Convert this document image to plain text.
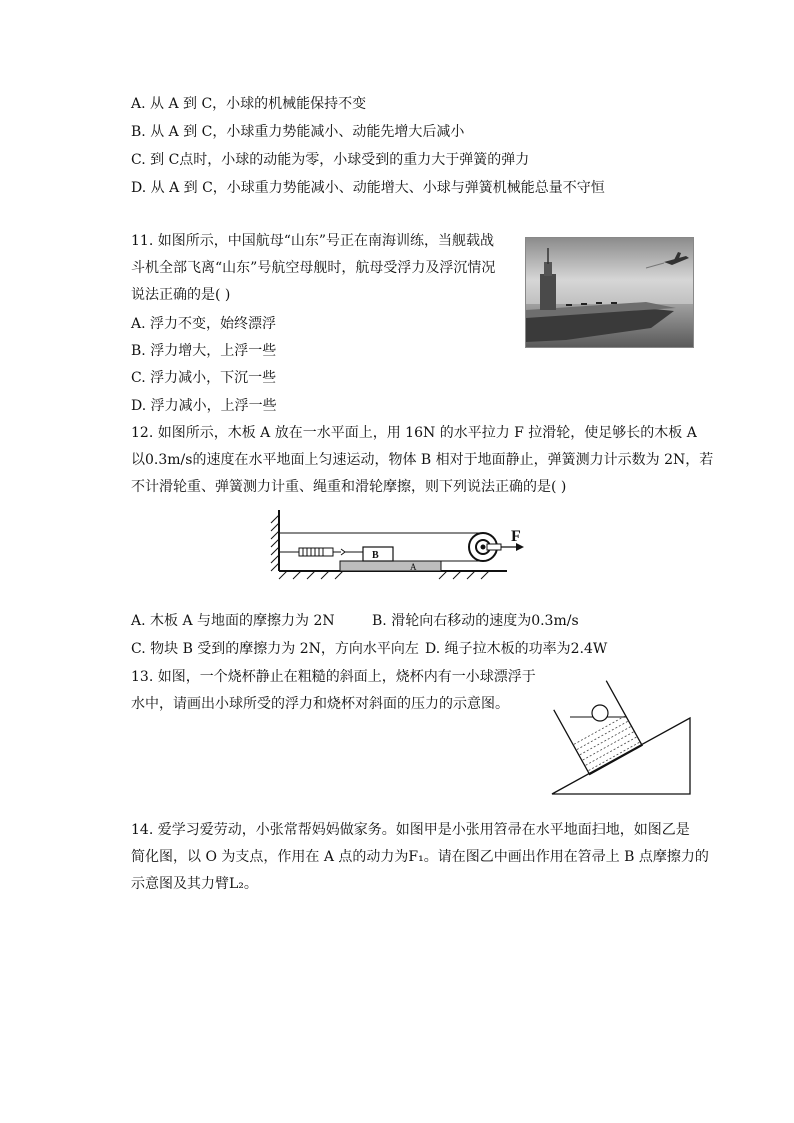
A. 从 A 到 C，小球的机械能保持不变
B. 从 A 到 C，小球重力势能减小、动能先增大后减小
C. 到 C点时，小球的动能为零，小球受到的重力大于弹簧的弹力
D. 从 A 到 C，小球重力势能减小、动能增大、小球与弹簧机械能总量不守恒
11. 如图所示，中国航母“山东”号正在南海训练，当舰载战
斗机全部飞离“山东”号航空母舰时，航母受浮力及浮沉情况
说法正确的是( )
A. 浮力不变，始终漂浮
B. 浮力增大，上浮一些
C. 浮力减小，下沉一些
D. 浮力减小，上浮一些
12. 如图所示，木板 A 放在一水平面上，用 16N 的水平拉力 F 拉滑轮，使足够长的木板 A
以0.3m/s的速度在水平地面上匀速运动，物体 B 相对于地面静止，弹簧测力计示数为 2N，若
不计滑轮重、弹簧测力计重、绳重和滑轮摩擦，则下列说法正确的是( )
A
B
F
A. 木板 A 与地面的摩擦力为 2N	B. 滑轮向右移动的速度为0.3m/s
C. 物块 B 受到的摩擦力为 2N，方向水平向左 D. 绳子拉木板的功率为2.4W
13. 如图，一个烧杯静止在粗糙的斜面上，烧杯内有一小球漂浮于
水中，请画出小球所受的浮力和烧杯对斜面的压力的示意图。
14. 爱学习爱劳动，小张常帮妈妈做家务。如图甲是小张用笤帚在水平地面扫地，如图乙是
简化图，以 O 为支点，作用在 A 点的动力为F₁。请在图乙中画出作用在笤帚上 B 点摩擦力的
示意图及其力臂L₂。
